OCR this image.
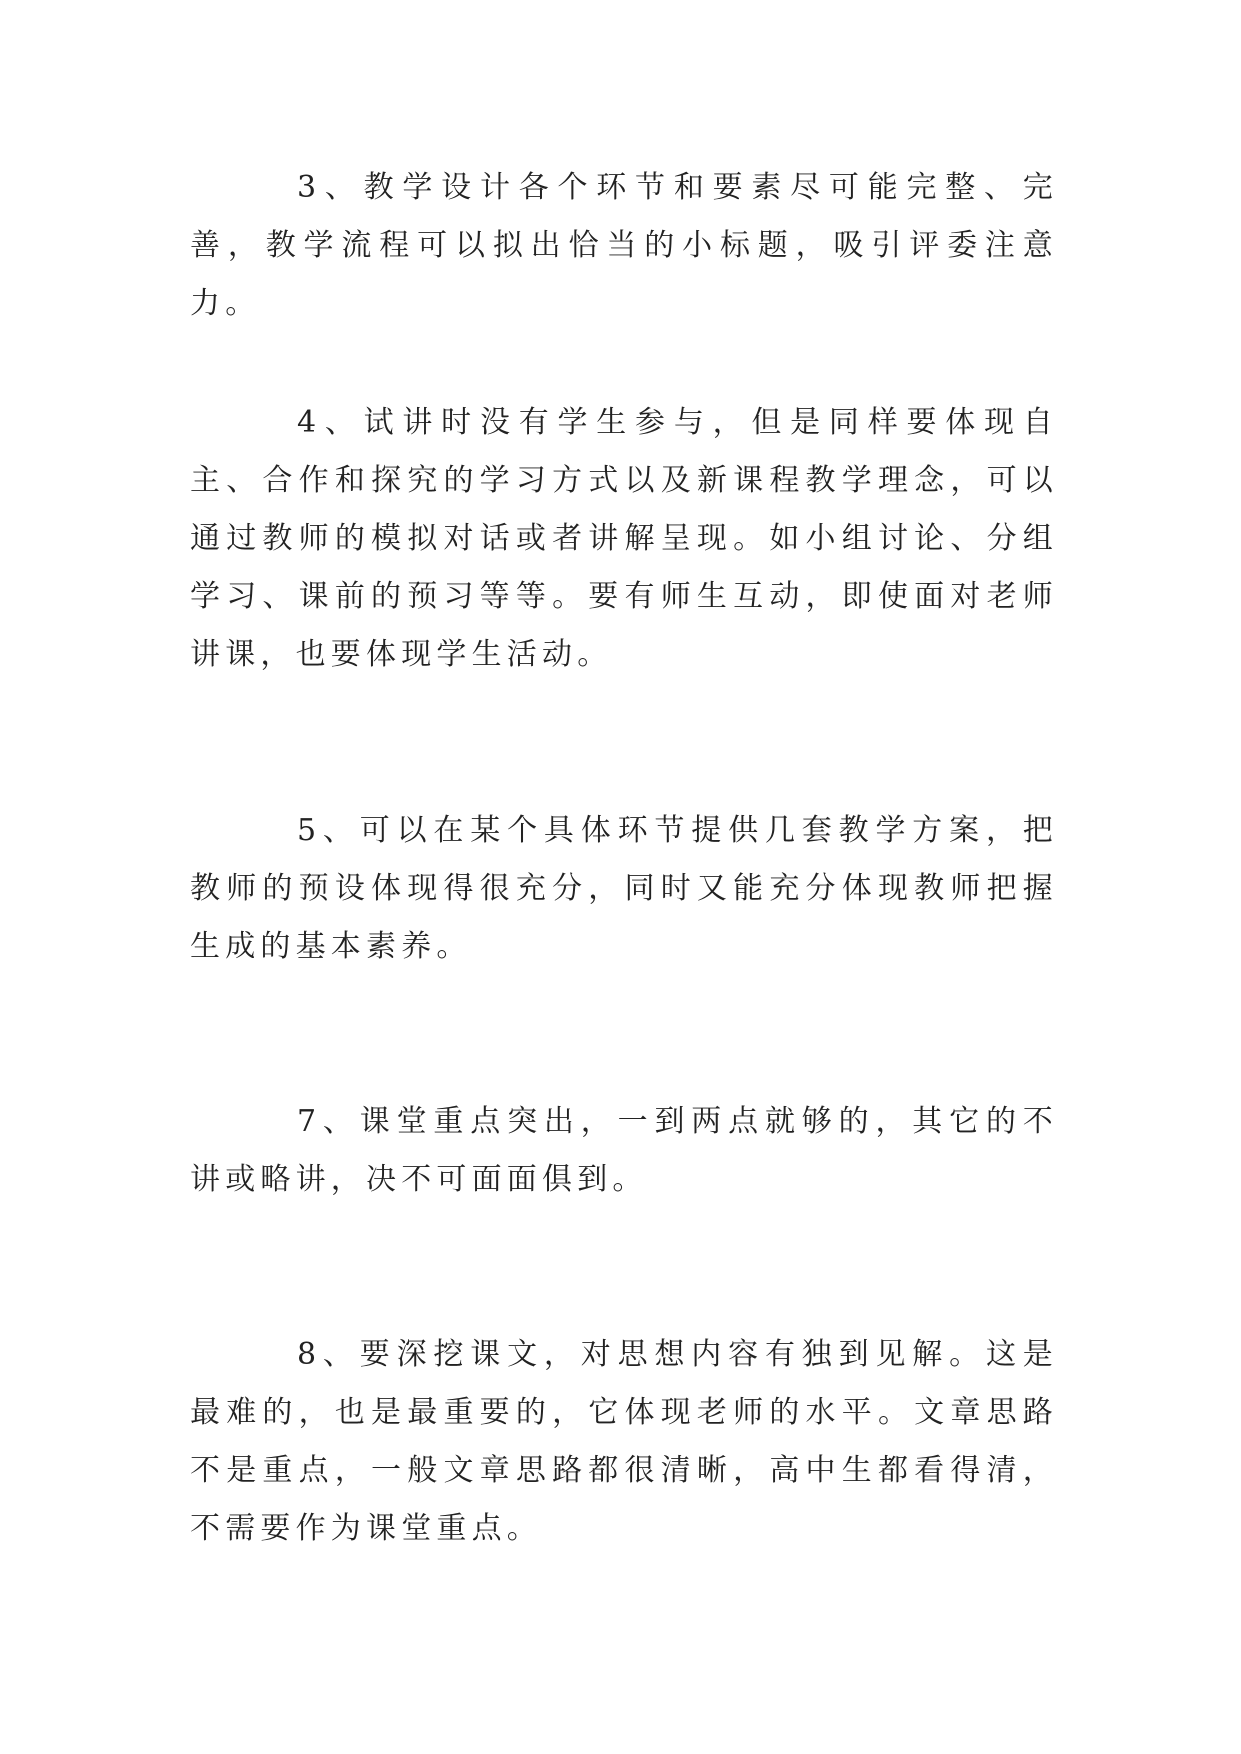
3、教学设计各个环节和要素尽可能完整、完善，教学流程可以拟出恰当的小标题，吸引评委注意力。

4、试讲时没有学生参与，但是同样要体现自主、合作和探究的学习方式以及新课程教学理念，可以通过教师的模拟对话或者讲解呈现。如小组讨论、分组学习、课前的预习等等。要有师生互动，即使面对老师讲课，也要体现学生活动。

5、可以在某个具体环节提供几套教学方案，把教师的预设体现得很充分，同时又能充分体现教师把握生成的基本素养。

7、课堂重点突出，一到两点就够的，其它的不讲或略讲，决不可面面俱到。

8、要深挖课文，对思想内容有独到见解。这是最难的，也是最重要的，它体现老师的水平。文章思路不是重点，一般文章思路都很清晰，高中生都看得清，不需要作为课堂重点。
